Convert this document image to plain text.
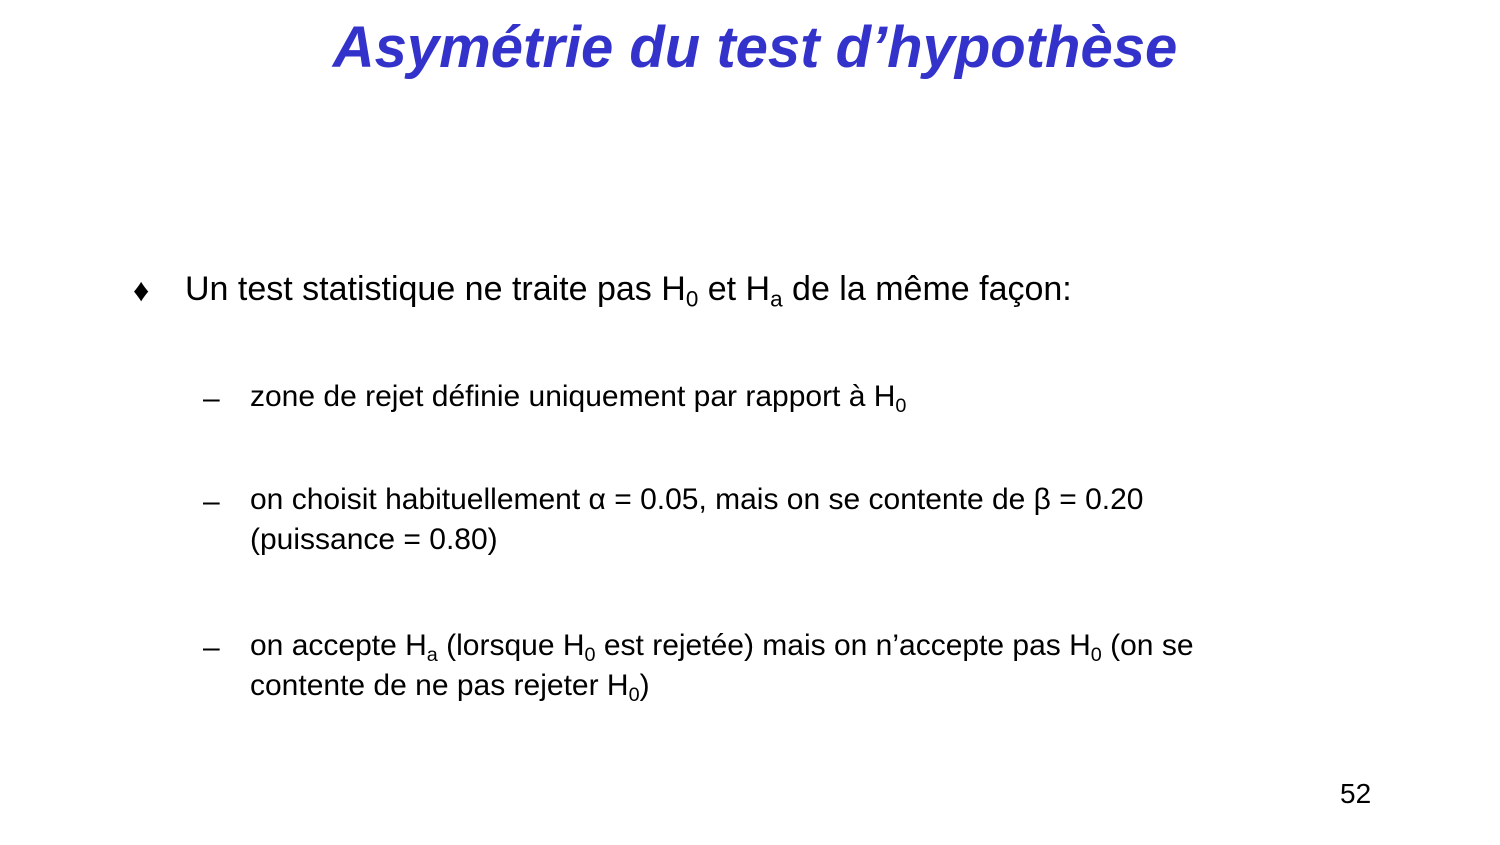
Asymétrie du test d’hypothèse
♦ Un test statistique ne traite pas $H_0$ et $H_a$ de la même façon:
– zone de rejet définie uniquement par rapport à $H_0$
– on choisit habituellement α = 0.05, mais on se contente de β = 0.20
(puissance = 0.80)
– on accepte $H_a$ (lorsque $H_0$ est rejetée) mais on n’accepte pas $H_0$ (on se
contente de ne pas rejeter $H_0$)
52
